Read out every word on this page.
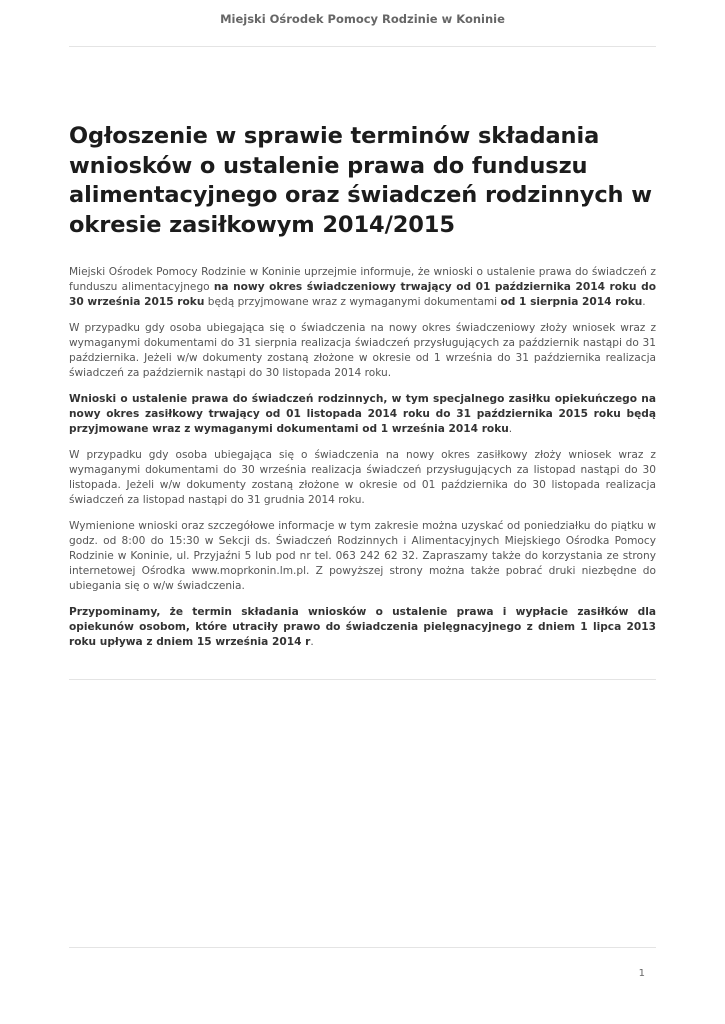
Miejski Ośrodek Pomocy Rodzinie w Koninie
Ogłoszenie w sprawie terminów składania wniosków o ustalenie prawa do funduszu alimentacyjnego oraz świadczeń rodzinnych w okresie zasiłkowym 2014/2015

Miejski Ośrodek Pomocy Rodzinie w Koninie uprzejmie informuje, że wnioski o ustalenie prawa do świadczeń z funduszu alimentacyjnego na nowy okres świadczeniowy trwający od 01 października 2014 roku do 30 września 2015 roku będą przyjmowane wraz z wymaganymi dokumentami od 1 sierpnia 2014 roku.

W przypadku gdy osoba ubiegająca się o świadczenia na nowy okres świadczeniowy złoży wniosek wraz z wymaganymi dokumentami do 31 sierpnia realizacja świadczeń przysługujących za październik nastąpi do 31 października. Jeżeli w/w dokumenty zostaną złożone w okresie od 1 września do 31 października realizacja świadczeń za październik nastąpi do 30 listopada 2014 roku.

Wnioski o ustalenie prawa do świadczeń rodzinnych, w tym specjalnego zasiłku opiekuńczego na nowy okres zasiłkowy trwający od 01 listopada 2014 roku do 31 października 2015 roku będą przyjmowane wraz z wymaganymi dokumentami od 1 września 2014 roku.

W przypadku gdy osoba ubiegająca się o świadczenia na nowy okres zasiłkowy złoży wniosek wraz z wymaganymi dokumentami do 30 września realizacja świadczeń przysługujących za listopad nastąpi do 30 listopada. Jeżeli w/w dokumenty zostaną złożone w okresie od 01 października do 30 listopada realizacja świadczeń za listopad nastąpi do 31 grudnia 2014 roku.

Wymienione wnioski oraz szczegółowe informacje w tym zakresie można uzyskać od poniedziałku do piątku w godz. od 8:00 do 15:30 w Sekcji ds. Świadczeń Rodzinnych i Alimentacyjnych Miejskiego Ośrodka Pomocy Rodzinie w Koninie, ul. Przyjaźni 5 lub pod nr tel. 063 242 62 32. Zapraszamy także do korzystania ze strony internetowej Ośrodka www.moprkonin.lm.pl. Z powyższej strony można także pobrać druki niezbędne do ubiegania się o w/w świadczenia.

Przypominamy, że termin składania wniosków o ustalenie prawa i wypłacie zasiłków dla opiekunów osobom, które utraciły prawo do świadczenia pielęgnacyjnego z dniem 1 lipca 2013 roku upływa z dniem 15 września 2014 r.

1
